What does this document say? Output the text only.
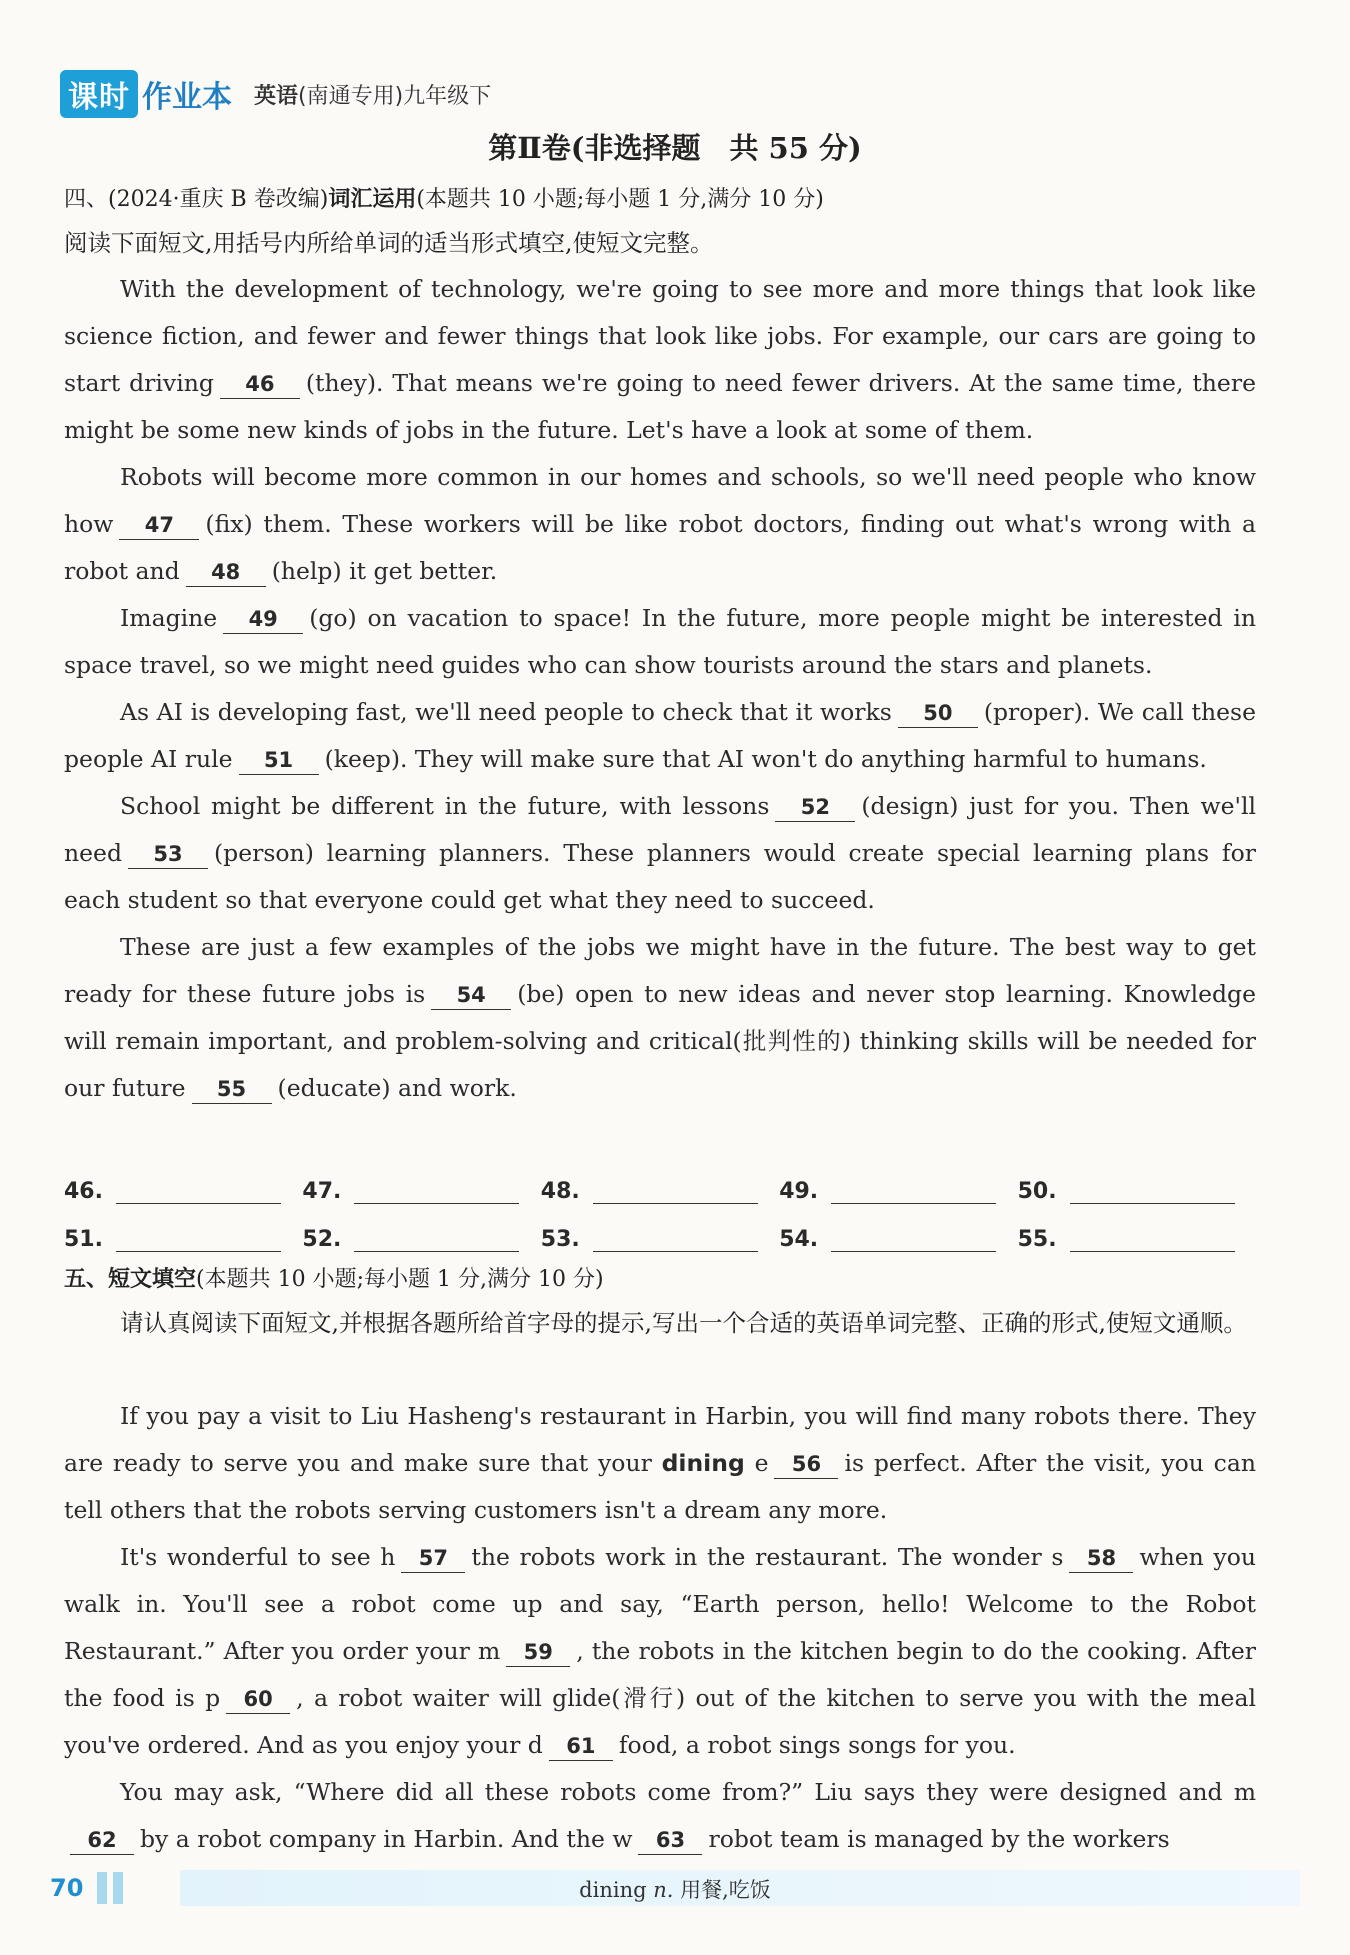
课时 作业本 英语(南通专用)九年级下
第Ⅱ卷(非选择题　共 55 分)
四、(2024·重庆 B 卷改编)词汇运用(本题共 10 小题;每小题 1 分,满分 10 分)
阅读下面短文,用括号内所给单词的适当形式填空,使短文完整。

With the development of technology, we're going to see more and more things that look like science fiction, and fewer and fewer things that look like jobs. For example, our cars are going to start driving 46 (they). That means we're going to need fewer drivers. At the same time, there might be some new kinds of jobs in the future. Let's have a look at some of them.

Robots will become more common in our homes and schools, so we'll need people who know how 47 (fix) them. These workers will be like robot doctors, finding out what's wrong with a robot and 48 (help) it get better.

Imagine 49 (go) on vacation to space! In the future, more people might be interested in space travel, so we might need guides who can show tourists around the stars and planets.

As AI is developing fast, we'll need people to check that it works 50 (proper). We call these people AI rule 51 (keep). They will make sure that AI won't do anything harmful to humans.

School might be different in the future, with lessons 52 (design) just for you. Then we'll need 53 (person) learning planners. These planners would create special learning plans for each student so that everyone could get what they need to succeed.

These are just a few examples of the jobs we might have in the future. The best way to get ready for these future jobs is 54 (be) open to new ideas and never stop learning. Knowledge will remain important, and problem-solving and critical(批判性的) thinking skills will be needed for our future 55 (educate) and work.

46.	47.	48.	49.	50.
51.	52.	53.	54.	55.
五、短文填空(本题共 10 小题;每小题 1 分,满分 10 分)
请认真阅读下面短文,并根据各题所给首字母的提示,写出一个合适的英语单词完整、正确的形式,使短文通顺。

If you pay a visit to Liu Hasheng's restaurant in Harbin, you will find many robots there. They are ready to serve you and make sure that your dining e 56 is perfect. After the visit, you can tell others that the robots serving customers isn't a dream any more.

It's wonderful to see h 57 the robots work in the restaurant. The wonder s 58 when you walk in. You'll see a robot come up and say, “Earth person, hello! Welcome to the Robot Restaurant.” After you order your m 59 , the robots in the kitchen begin to do the cooking. After the food is p 60 , a robot waiter will glide(滑行) out of the kitchen to serve you with the meal you've ordered. And as you enjoy your d 61 food, a robot sings songs for you.

You may ask, “Where did all these robots come from?” Liu says they were designed and m62 by a robot company in Harbin. And the w 63 robot team is managed by the workers

70	dining n. 用餐,吃饭
